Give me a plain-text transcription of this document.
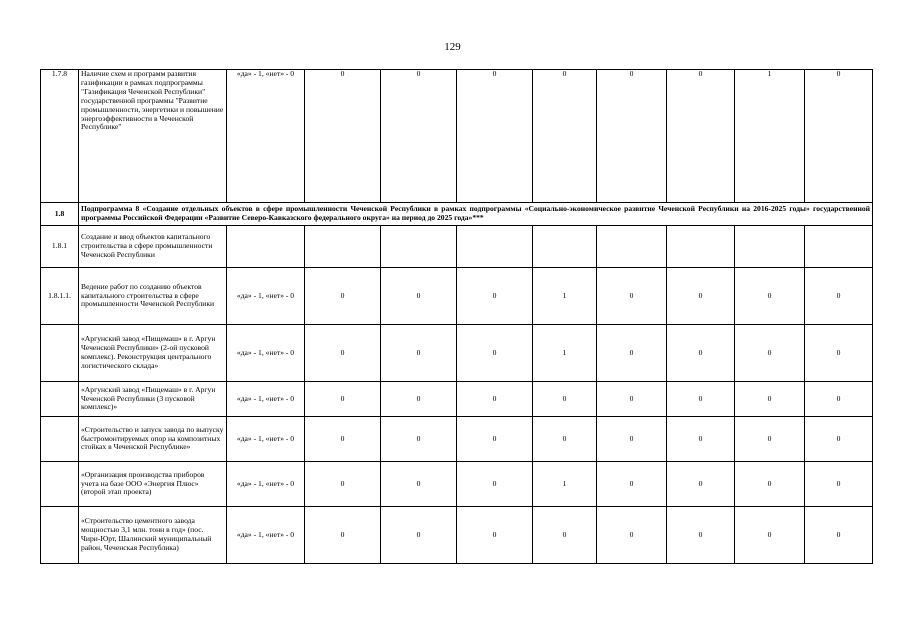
129
1.7.8	Наличие схем и программ развития газификации в рамках подпрограммы "Газификация Чеченской Республики" государственной программы "Развитие промышленности, энергетики и повышение энергоэффективности в Чеченской Республике"	«да» - 1, «нет» - 0	0	0	0	0	0	0	1	0
1.8	Подпрограмма 8 «Создание отдельных объектов в сфере промышленности Чеченской Республики в рамках подпрограммы «Социально-экономическое развитие Чеченской Республики на 2016-2025 годы» государственной программы Российской Федерации «Развитие Северо-Кавказского федерального округа» на период до 2025 года»***									
1.8.1	Создание и ввод объектов капитального строительства в сфере промышленности Чеченской Республики									
1.8.1.1.	Ведение работ по созданию объектов капитального строительства в сфере промышленности Чеченской Республики	«да» - 1, «нет» - 0	0	0	0	1	0	0	0	0
	«Аргунский завод «Пищемаш» в г. Аргун Чеченской Республики» (2-ой пусковой комплекс). Реконструкция центрального логистического склада»	«да» - 1, «нет» - 0	0	0	0	1	0	0	0	0
	«Аргунский завод «Пищемаш» в г. Аргун Чеченской Республики (3 пусковой комплекс)»	«да» - 1, «нет» - 0	0	0	0	0	0	0	0	0
	«Строительство и запуск завода по выпуску быстромонтируемых опор на композитных стойках в Чеченской Республике»	«да» - 1, «нет» - 0	0	0	0	0	0	0	0	0
	«Организация производства приборов учета на базе ООО «Энергия Плюс» (второй этап проекта)	«да» - 1, «нет» - 0	0	0	0	1	0	0	0	0
	«Строительство цементного завода мощностью 3,1 млн. тонн в год» (пос. Чири-Юрт, Шалинский муниципальный район, Чеченская Республика)	«да» - 1, «нет» - 0	0	0	0	0	0	0	0	0
